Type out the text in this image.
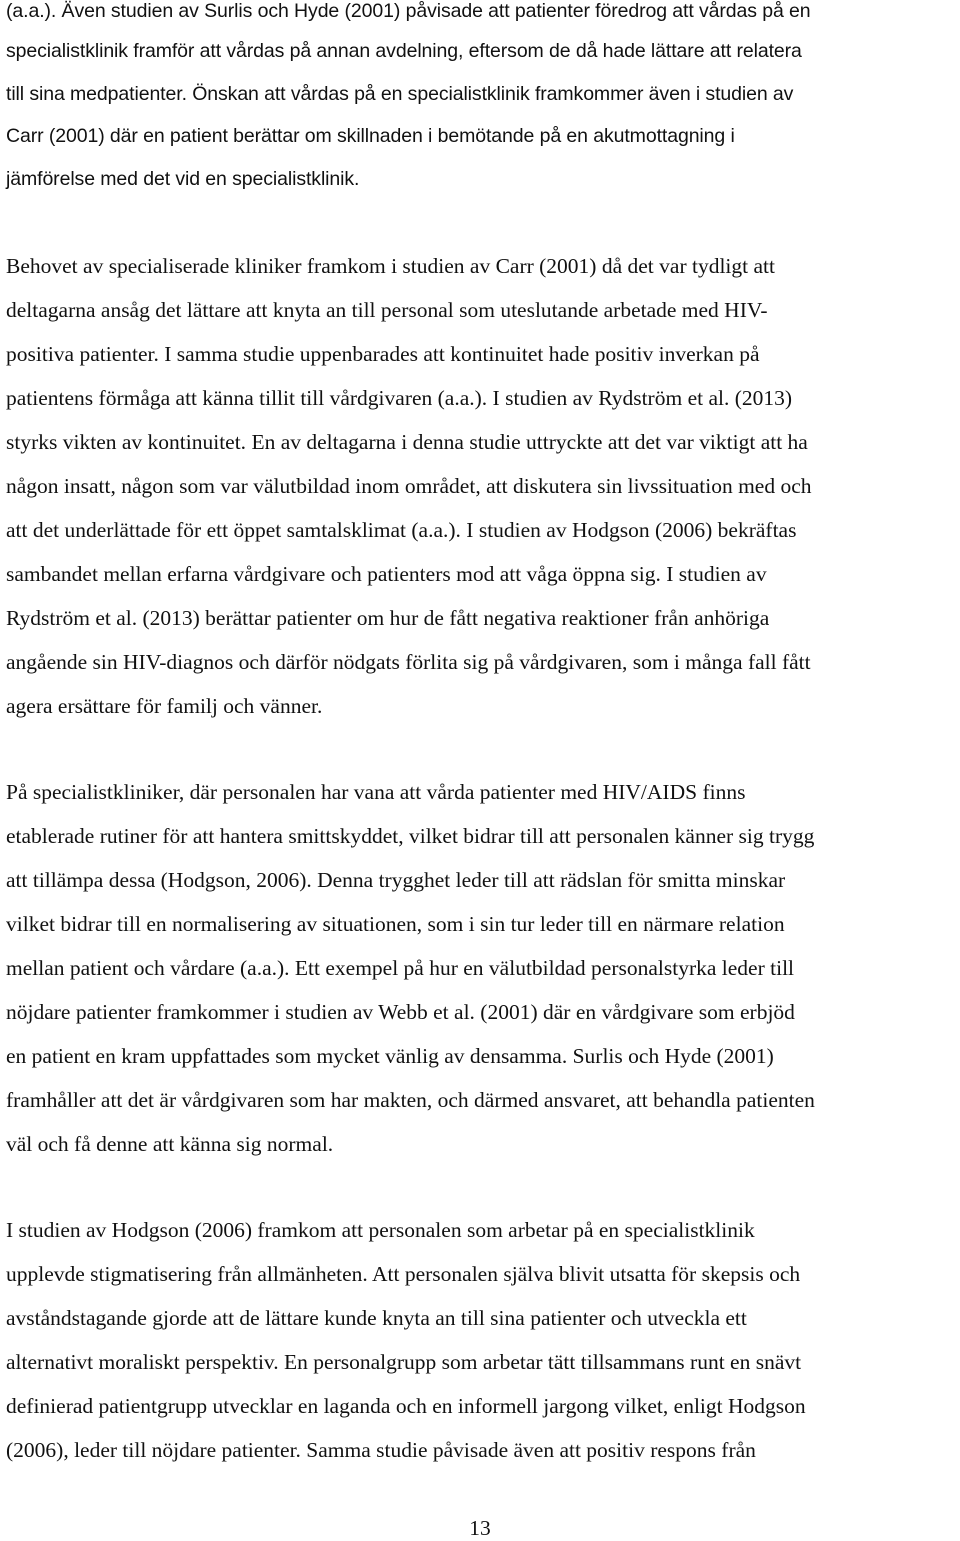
(a.a.). Även studien av Surlis och Hyde (2001) påvisade att patienter föredrog att vårdas på en
specialistklinik framför att vårdas på annan avdelning, eftersom de då hade lättare att relatera
till sina medpatienter. Önskan att vårdas på en specialistklinik framkommer även i studien av
Carr (2001) där en patient berättar om skillnaden i bemötande på en akutmottagning i
jämförelse med det vid en specialistklinik.
Behovet av specialiserade kliniker framkom i studien av Carr (2001) då det var tydligt att
deltagarna ansåg det lättare att knyta an till personal som uteslutande arbetade med HIV-
positiva patienter. I samma studie uppenbarades att kontinuitet hade positiv inverkan på
patientens förmåga att känna tillit till vårdgivaren (a.a.). I studien av Rydström et al. (2013)
styrks vikten av kontinuitet. En av deltagarna i denna studie uttryckte att det var viktigt att ha
någon insatt, någon som var välutbildad inom området, att diskutera sin livssituation med och
att det underlättade för ett öppet samtalsklimat (a.a.). I studien av Hodgson (2006) bekräftas
sambandet mellan erfarna vårdgivare och patienters mod att våga öppna sig. I studien av
Rydström et al. (2013) berättar patienter om hur de fått negativa reaktioner från anhöriga
angående sin HIV-diagnos och därför nödgats förlita sig på vårdgivaren, som i många fall fått
agera ersättare för familj och vänner.
På specialistkliniker, där personalen har vana att vårda patienter med HIV/AIDS finns
etablerade rutiner för att hantera smittskyddet, vilket bidrar till att personalen känner sig trygg
att tillämpa dessa (Hodgson, 2006). Denna trygghet leder till att rädslan för smitta minskar
vilket bidrar till en normalisering av situationen, som i sin tur leder till en närmare relation
mellan patient och vårdare (a.a.). Ett exempel på hur en välutbildad personalstyrka leder till
nöjdare patienter framkommer i studien av Webb et al. (2001) där en vårdgivare som erbjöd
en patient en kram uppfattades som mycket vänlig av densamma. Surlis och Hyde (2001)
framhåller att det är vårdgivaren som har makten, och därmed ansvaret, att behandla patienten
väl och få denne att känna sig normal.
I studien av Hodgson (2006) framkom att personalen som arbetar på en specialistklinik
upplevde stigmatisering från allmänheten. Att personalen själva blivit utsatta för skepsis och
avståndstagande gjorde att de lättare kunde knyta an till sina patienter och utveckla ett
alternativt moraliskt perspektiv. En personalgrupp som arbetar tätt tillsammans runt en snävt
definierad patientgrupp utvecklar en laganda och en informell jargong vilket, enligt Hodgson
(2006), leder till nöjdare patienter. Samma studie påvisade även att positiv respons från
13
